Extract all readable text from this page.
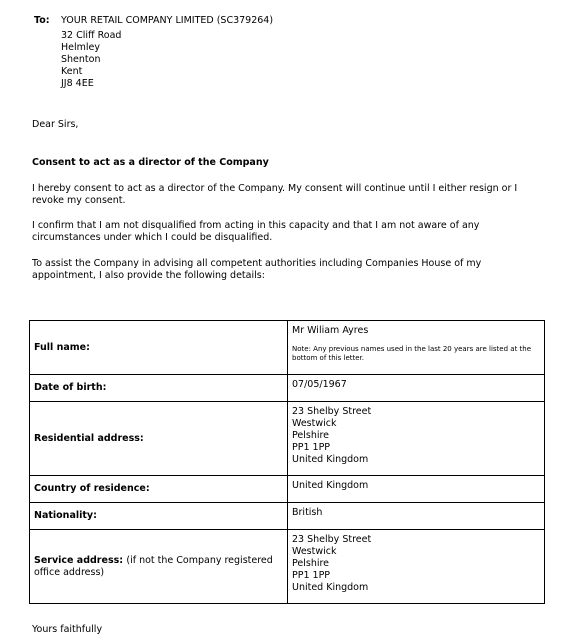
To: YOUR RETAIL COMPANY LIMITED (SC379264)
32 Cliff Road
Helmley
Shenton
Kent
JJ8 4EE
Dear Sirs,
Consent to act as a director of the Company
I hereby consent to act as a director of the Company. My consent will continue until I either resign or I revoke my consent.
I confirm that I am not disqualified from acting in this capacity and that I am not aware of any circumstances under which I could be disqualified.
To assist the Company in advising all competent authorities including Companies House of my appointment, I also provide the following details:
Full name:	Mr Wiliam Ayres
Note: Any previous names used in the last 20 years are listed at the bottom of this letter.

Date of birth:	07/05/1967
Residential address:	23 Shelby Street
Westwick
Pelshire
PP1 1PP
United Kingdom

Country of residence:	United Kingdom
Nationality:	British
Service address: (if not the Company registered office address)	23 Shelby Street
Westwick
Pelshire
PP1 1PP
United Kingdom
Yours faithfully
